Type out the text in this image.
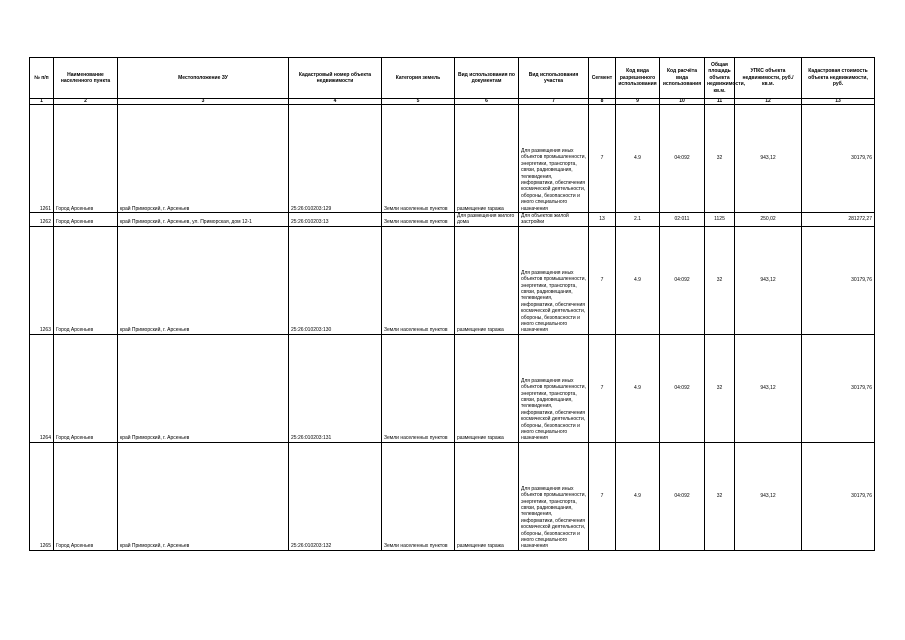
№ п/п	Наименование населенного пункта	Местоположение ЗУ	Кадастровый номер объекта недвижимости	Категория земель	Вид использования по документам	Вид использования участка	Сегмент	Код вида разрешенного использования	Код расчёта вида использования	Общая площадь объекта недвижимости, кв.м.	УПКС объекта недвижимости, руб./кв.м.	Кадастровая стоимость объекта недвижимости, руб.
1	2	3	4	5	6	7	8	9	10	11	12	13
1261	Город Арсеньев	край Приморский, г. Арсеньев	25:26:010203:129	Земли населенных пунктов	размещение гаража	Для размещения иных объектов промышленности, энергетики, транспорта, связи, радиовещания, телевидения, информатики, обеспечения космической деятельности, обороны, безопасности и иного специального назначения	7	4.9	04:092	32	943,12	30179,76
1262	Город Арсеньев	край Приморский, г. Арсеньев, ул. Приморская, дом 12-1	25:26:010203:13	Земли населенных пунктов	Для размещения жилого дома	Для объектов жилой застройки	13	2.1	02:011	1125	250,02	281272,27
1263	Город Арсеньев	край Приморский, г. Арсеньев	25:26:010203:130	Земли населенных пунктов	размещение гаража	Для размещения иных объектов промышленности, энергетики, транспорта, связи, радиовещания, телевидения, информатики, обеспечения космической деятельности, обороны, безопасности и иного специального назначения	7	4.9	04:092	32	943,12	30179,76
1264	Город Арсеньев	край Приморский, г. Арсеньев	25:26:010203:131	Земли населенных пунктов	размещение гаража	Для размещения иных объектов промышленности, энергетики, транспорта, связи, радиовещания, телевидения, информатики, обеспечения космической деятельности, обороны, безопасности и иного специального назначения	7	4.9	04:092	32	943,12	30179,76
1265	Город Арсеньев	край Приморский, г. Арсеньев	25:26:010203:132	Земли населенных пунктов	размещение гаража	Для размещения иных объектов промышленности, энергетики, транспорта, связи, радиовещания, телевидения, информатики, обеспечения космической деятельности, обороны, безопасности и иного специального назначения	7	4.9	04:092	32	943,12	30179,76
